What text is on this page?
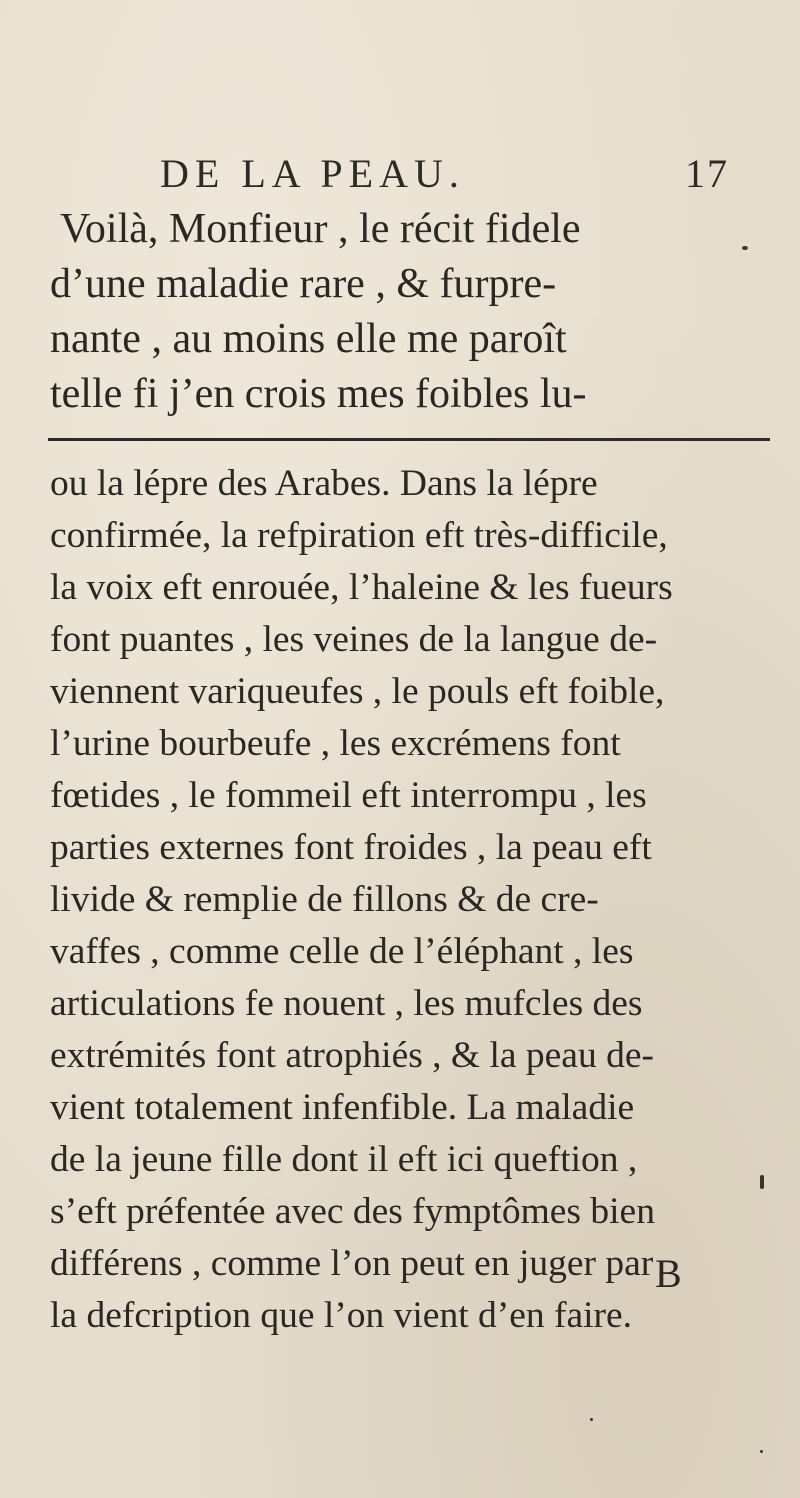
DE LA PEAU.	17
Voilà, Monfieur , le récit fidele
d’une maladie rare , & furpre-
nante , au moins elle me paroît
telle fi j’en crois mes foibles lu-
ou la lépre des Arabes. Dans la lépre
confirmée, la refpiration eft très-difficile,
la voix eft enrouée, l’haleine & les fueurs
font puantes , les veines de la langue de-
viennent variqueufes , le pouls eft foible,
l’urine bourbeufe , les excrémens font
fœtides , le fommeil eft interrompu , les
parties externes font froides , la peau eft
livide & remplie de fillons & de cre-
vaffes , comme celle de l’éléphant , les
articulations fe nouent , les mufcles des
extrémités font atrophiés , & la peau de-
vient totalement infenfible. La maladie
de la jeune fille dont il eft ici queftion ,
s’eft préfentée avec des fymptômes bien
différens , comme l’on peut en juger par
la defcription que l’on vient d’en faire.
B
